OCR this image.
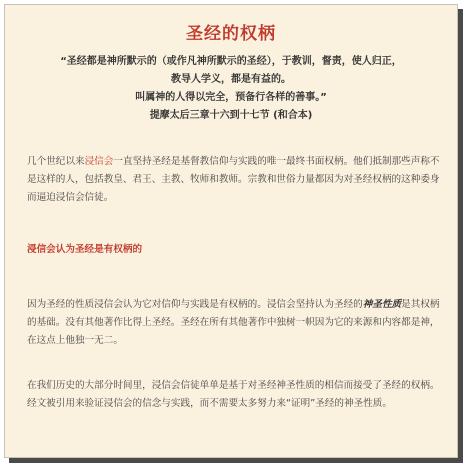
圣经的权柄
“圣经都是神所默示的（或作凡神所默示的圣经），于教训，督责，使人归正，
教导人学义，都是有益的。
叫属神的人得以完全，预备行各样的善事。”
提摩太后三章十六到十七节 (和合本)
几个世纪以来浸信会一直坚持圣经是基督教信仰与实践的唯一最终书面权柄。他们抵制那些声称不是这样的人，包括教皇、君王、主教、牧师和教师。宗教和世俗力量都因为对圣经权柄的这种委身而逼迫浸信会信徒。
浸信会认为圣经是有权柄的
因为圣经的性质浸信会认为它对信仰与实践是有权柄的。浸信会坚持认为圣经的神圣性质是其权柄的基础。没有其他著作比得上圣经。圣经在所有其他著作中独树一帜因为它的来源和内容都是神，在这点上他独一无二。
在我们历史的大部分时间里，浸信会信徒单单是基于对圣经神圣性质的相信而接受了圣经的权柄。经文被引用来验证浸信会的信念与实践，而不需要太多努力来“证明”圣经的神圣性质。
